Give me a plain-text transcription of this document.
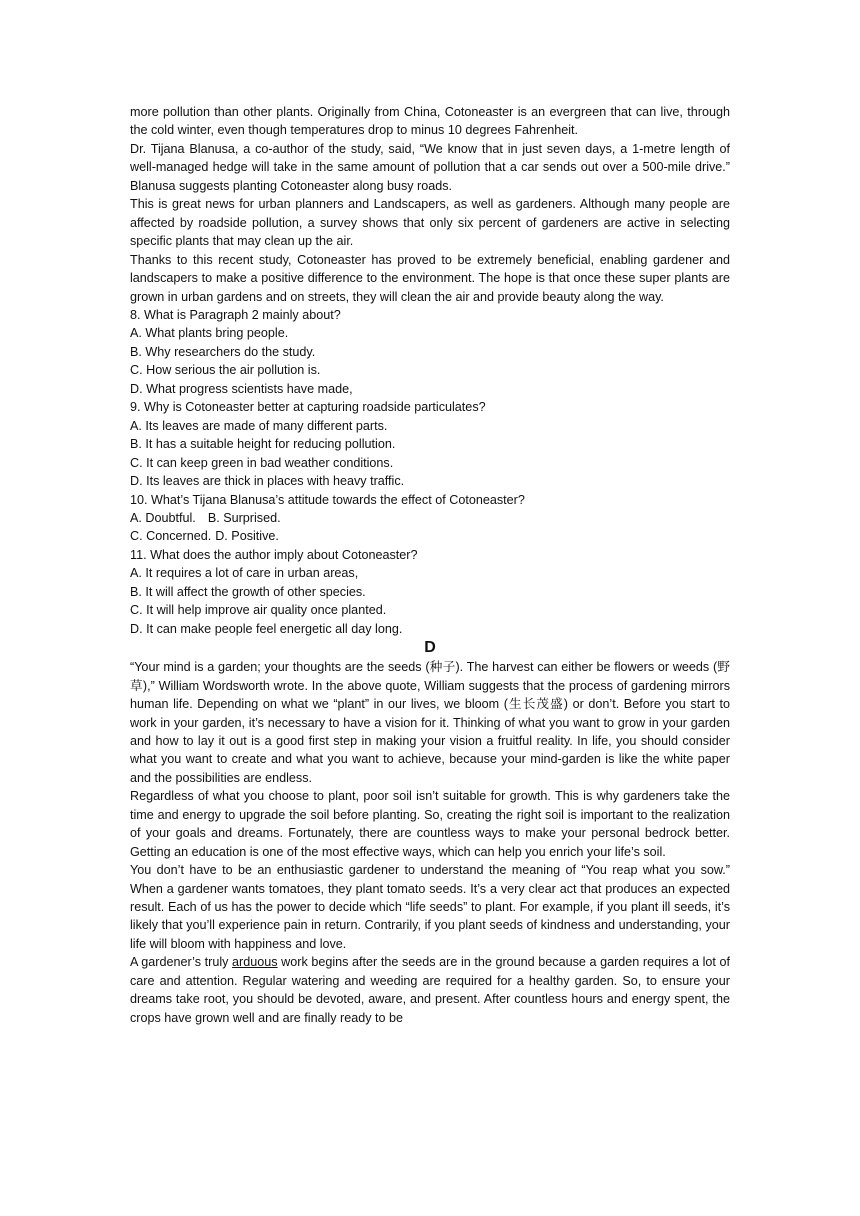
more pollution than other plants. Originally from China, Cotoneaster is an evergreen that can live, through the cold winter, even though temperatures drop to minus 10 degrees Fahrenheit.

Dr. Tijana Blanusa, a co-author of the study, said, “We know that in just seven days, a 1-metre length of well-managed hedge will take in the same amount of pollution that a car sends out over a 500-mile drive.” Blanusa suggests planting Cotoneaster along busy roads.

This is great news for urban planners and Landscapers, as well as gardeners. Although many people are affected by roadside pollution, a survey shows that only six percent of gardeners are active in selecting specific plants that may clean up the air.

Thanks to this recent study, Cotoneaster has proved to be extremely beneficial, enabling gardener and landscapers to make a positive difference to the environment. The hope is that once these super plants are grown in urban gardens and on streets, they will clean the air and provide beauty along the way.

8. What is Paragraph 2 mainly about?
A. What plants bring people.
B. Why researchers do the study.
C. How serious the air pollution is.
D. What progress scientists have made,
9. Why is Cotoneaster better at capturing roadside particulates?
A. Its leaves are made of many different parts.
B. It has a suitable height for reducing pollution.
C. It can keep green in bad weather conditions.
D. Its leaves are thick in places with heavy traffic.
10. What’s Tijana Blanusa’s attitude towards the effect of Cotoneaster?
A. Doubtful. B. Surprised.
C. Concerned. D. Positive.
11. What does the author imply about Cotoneaster?
A. It requires a lot of care in urban areas,
B. It will affect the growth of other species.
C. It will help improve air quality once planted.
D. It can make people feel energetic all day long.
D

“Your mind is a garden; your thoughts are the seeds (种子). The harvest can either be flowers or weeds (野草),” William Wordsworth wrote. In the above quote, William suggests that the process of gardening mirrors human life. Depending on what we “plant” in our lives, we bloom (生长茂盛) or don’t. Before you start to work in your garden, it’s necessary to have a vision for it. Thinking of what you want to grow in your garden and how to lay it out is a good first step in making your vision a fruitful reality. In life, you should consider what you want to create and what you want to achieve, because your mind-garden is like the white paper and the possibilities are endless.

Regardless of what you choose to plant, poor soil isn’t suitable for growth. This is why gardeners take the time and energy to upgrade the soil before planting. So, creating the right soil is important to the realization of your goals and dreams. Fortunately, there are countless ways to make your personal bedrock better. Getting an education is one of the most effective ways, which can help you enrich your life’s soil.

You don’t have to be an enthusiastic gardener to understand the meaning of “You reap what you sow.” When a gardener wants tomatoes, they plant tomato seeds. It’s a very clear act that produces an expected result. Each of us has the power to decide which “life seeds” to plant. For example, if you plant ill seeds, it’s likely that you’ll experience pain in return. Contrarily, if you plant seeds of kindness and understanding, your life will bloom with happiness and love.

A gardener’s truly arduous work begins after the seeds are in the ground because a garden requires a lot of care and attention. Regular watering and weeding are required for a healthy garden. So, to ensure your dreams take root, you should be devoted, aware, and present. After countless hours and energy spent, the crops have grown well and are finally ready to be
